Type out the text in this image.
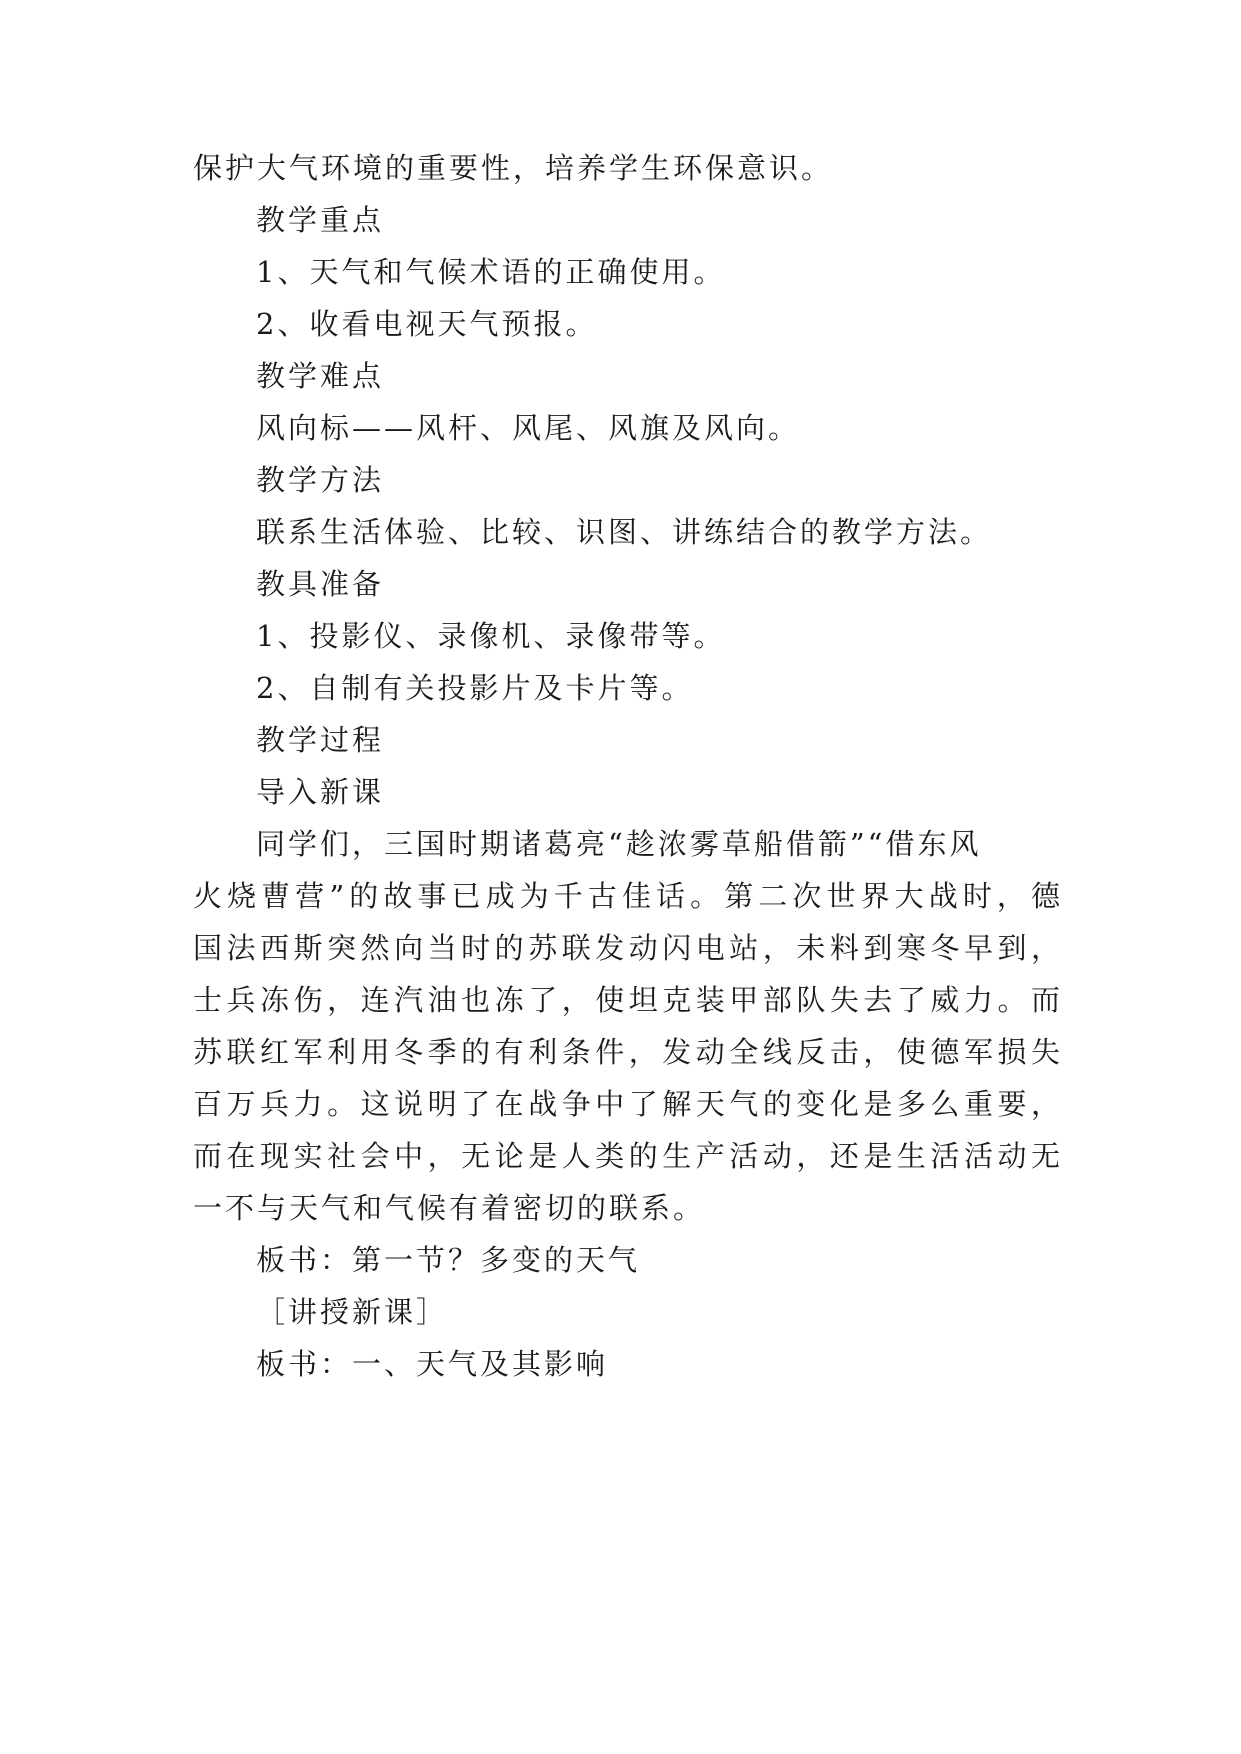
保护大气环境的重要性，培养学生环保意识。
教学重点
1、天气和气候术语的正确使用。
2、收看电视天气预报。
教学难点
风向标——风杆、风尾、风旗及风向。
教学方法
联系生活体验、比较、识图、讲练结合的教学方法。
教具准备
1、投影仪、录像机、录像带等。
2、自制有关投影片及卡片等。
教学过程
导入新课
同学们，三国时期诸葛亮“趁浓雾草船借箭”“借东风
火烧曹营”的故事已成为千古佳话。第二次世界大战时，德
国法西斯突然向当时的苏联发动闪电站，未料到寒冬早到，
士兵冻伤，连汽油也冻了，使坦克装甲部队失去了威力。而
苏联红军利用冬季的有利条件，发动全线反击，使德军损失
百万兵力。这说明了在战争中了解天气的变化是多么重要，
而在现实社会中，无论是人类的生产活动，还是生活活动无
一不与天气和气候有着密切的联系。
板书：第一节？多变的天气
［讲授新课］
板书：一、天气及其影响
